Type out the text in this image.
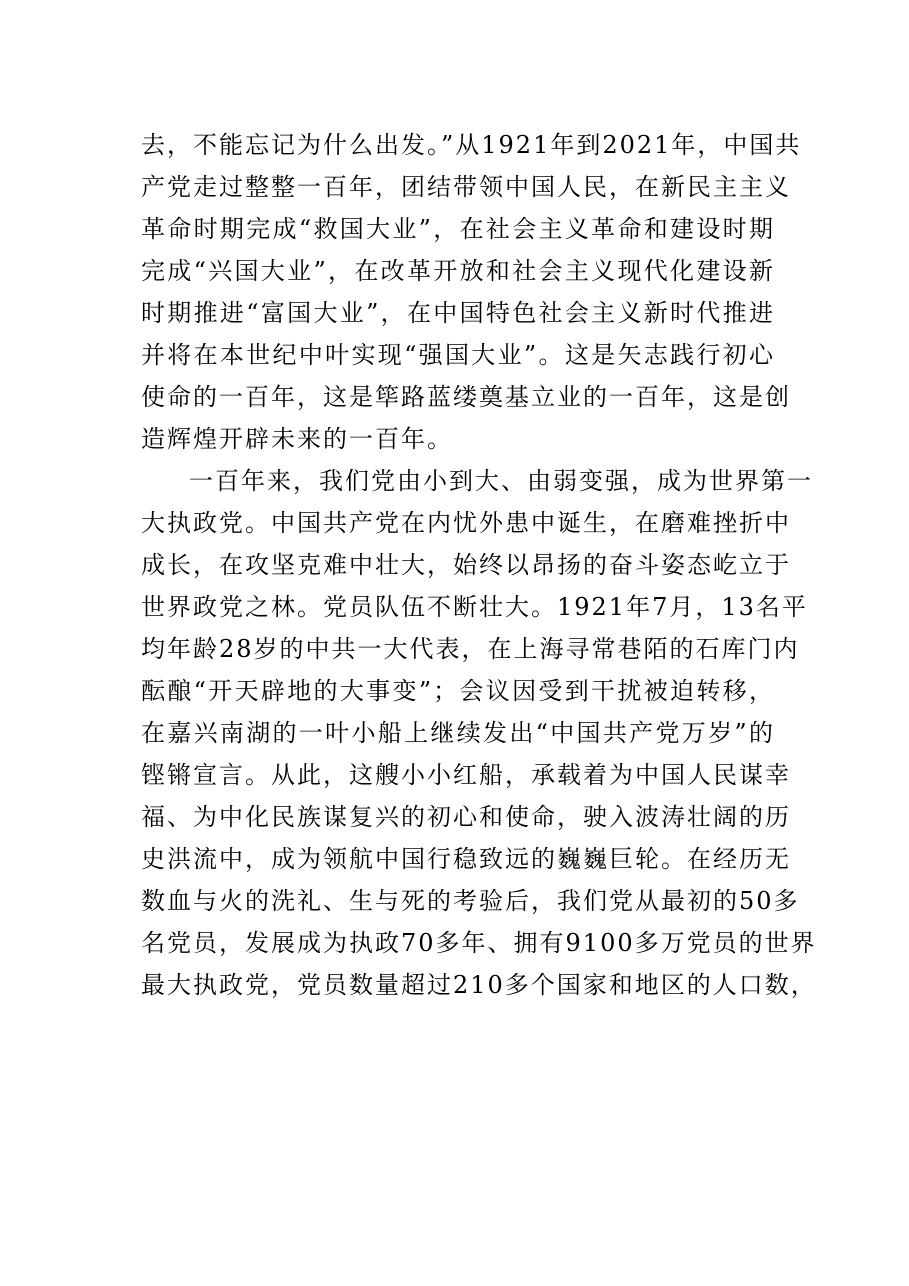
去，不能忘记为什么出发。”从1921年到2021年，中国共
产党走过整整一百年，团结带领中国人民，在新民主主义
革命时期完成“救国大业”，在社会主义革命和建设时期
完成“兴国大业”，在改革开放和社会主义现代化建设新
时期推进“富国大业”，在中国特色社会主义新时代推进
并将在本世纪中叶实现“强国大业”。这是矢志践行初心
使命的一百年，这是筚路蓝缕奠基立业的一百年，这是创
造辉煌开辟未来的一百年。
一百年来，我们党由小到大、由弱变强，成为世界第一
大执政党。中国共产党在内忧外患中诞生，在磨难挫折中
成长，在攻坚克难中壮大，始终以昂扬的奋斗姿态屹立于
世界政党之林。党员队伍不断壮大。1921年7月，13名平
均年龄28岁的中共一大代表，在上海寻常巷陌的石库门内
酝酿“开天辟地的大事变”；会议因受到干扰被迫转移，
在嘉兴南湖的一叶小船上继续发出“中国共产党万岁”的
铿锵宣言。从此，这艘小小红船，承载着为中国人民谋幸
福、为中化民族谋复兴的初心和使命，驶入波涛壮阔的历
史洪流中，成为领航中国行稳致远的巍巍巨轮。在经历无
数血与火的洗礼、生与死的考验后，我们党从最初的50多
名党员，发展成为执政70多年、拥有9100多万党员的世界
最大执政党，党员数量超过210多个国家和地区的人口数，
